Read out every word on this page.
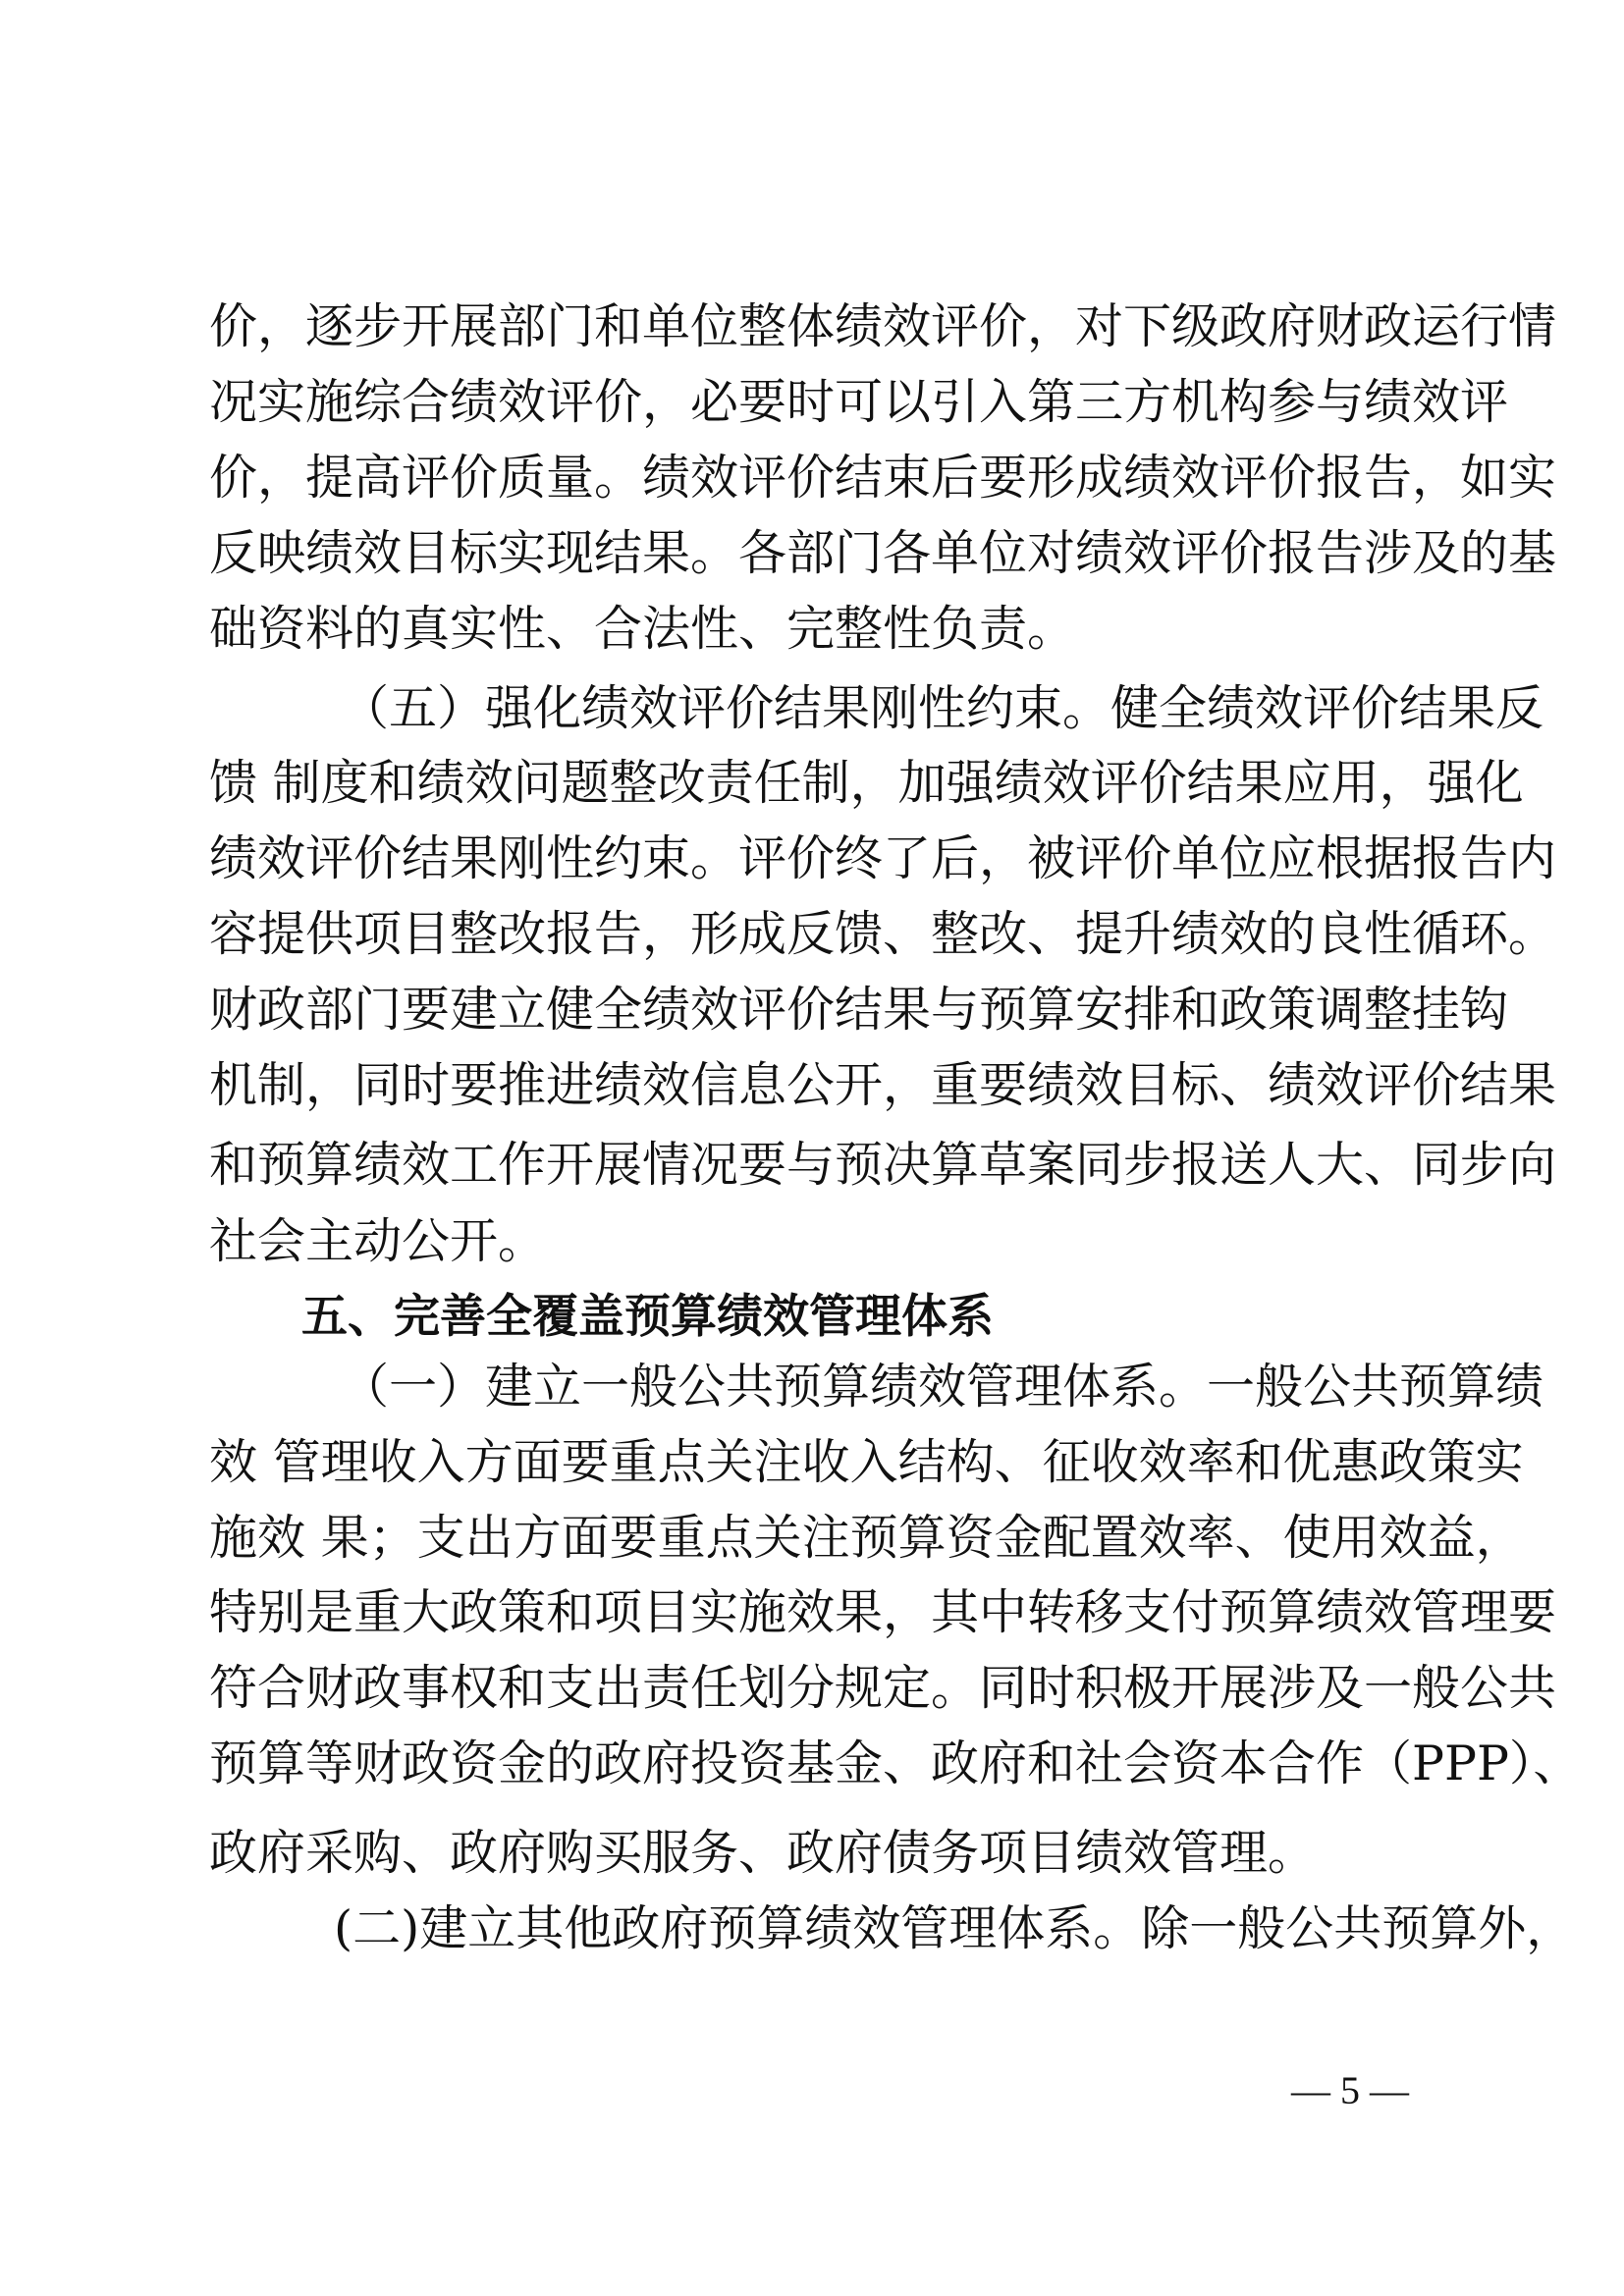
价，逐步开展部门和单位整体绩效评价，对下级政府财政运行情
况实施综合绩效评价，必要时可以引入第三方机构参与绩效评
价，提高评价质量。绩效评价结束后要形成绩效评价报告，如实
反映绩效目标实现结果。各部门各单位对绩效评价报告涉及的基
础资料的真实性、合法性、完整性负责。
（五）强化绩效评价结果刚性约束。健全绩效评价结果反
馈 制度和绩效问题整改责任制，加强绩效评价结果应用，强化
绩效评价结果刚性约束。评价终了后，被评价单位应根据报告内
容提供项目整改报告，形成反馈、整改、提升绩效的良性循环。
财政部门要建立健全绩效评价结果与预算安排和政策调整挂钩
机制，同时要推进绩效信息公开，重要绩效目标、绩效评价结果
和预算绩效工作开展情况要与预决算草案同步报送人大、同步向
社会主动公开。
五、完善全覆盖预算绩效管理体系
（一）建立一般公共预算绩效管理体系。一般公共预算绩
效 管理收入方面要重点关注收入结构、征收效率和优惠政策实
施效 果；支出方面要重点关注预算资金配置效率、使用效益，
特别是重大政策和项目实施效果，其中转移支付预算绩效管理要
符合财政事权和支出责任划分规定。同时积极开展涉及一般公共
预算等财政资金的政府投资基金、政府和社会资本合作（PPP）、
政府采购、政府购买服务、政府债务项目绩效管理。
(二)建立其他政府预算绩效管理体系。除一般公共预算外，
— 5 —
